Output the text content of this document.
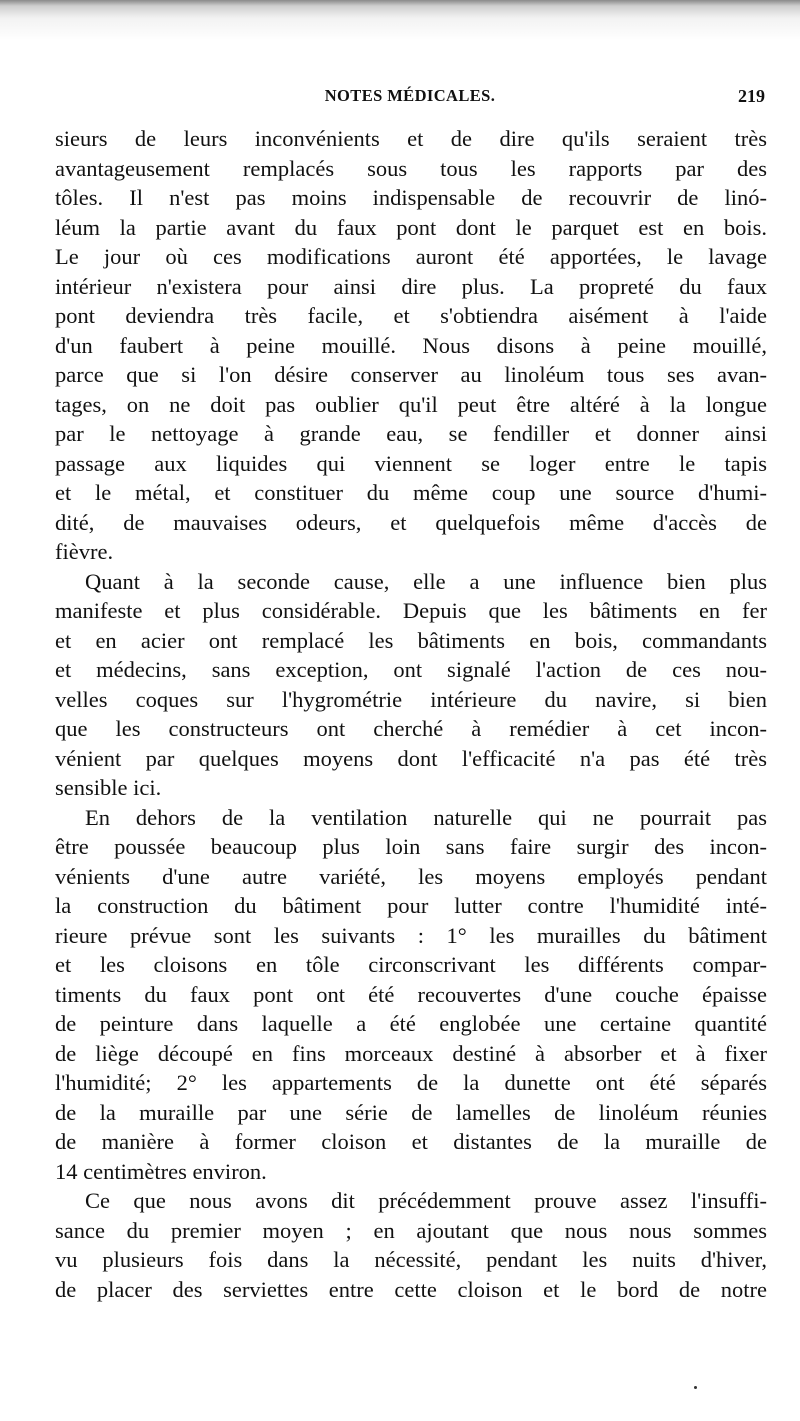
NOTES MÉDICALES.	219
sieurs de leurs inconvénients et de dire qu'ils seraient très
avantageusement remplacés sous tous les rapports par des
tôles. Il n'est pas moins indispensable de recouvrir de linó-
léum la partie avant du faux pont dont le parquet est en bois.
Le jour où ces modifications auront été apportées, le lavage
intérieur n'existera pour ainsi dire plus. La propreté du faux
pont deviendra très facile, et s'obtiendra aisément à l'aide
d'un faubert à peine mouillé. Nous disons à peine mouillé,
parce que si l'on désire conserver au linoléum tous ses avan-
tages, on ne doit pas oublier qu'il peut être altéré à la longue
par le nettoyage à grande eau, se fendiller et donner ainsi
passage aux liquides qui viennent se loger entre le tapis
et le métal, et constituer du même coup une source d'humi-
dité, de mauvaises odeurs, et quelquefois même d'accès de
fièvre.
Quant à la seconde cause, elle a une influence bien plus
manifeste et plus considérable. Depuis que les bâtiments en fer
et en acier ont remplacé les bâtiments en bois, commandants
et médecins, sans exception, ont signalé l'action de ces nou-
velles coques sur l'hygrométrie intérieure du navire, si bien
que les constructeurs ont cherché à remédier à cet incon-
vénient par quelques moyens dont l'efficacité n'a pas été très
sensible ici.
En dehors de la ventilation naturelle qui ne pourrait pas
être poussée beaucoup plus loin sans faire surgir des incon-
vénients d'une autre variété, les moyens employés pendant
la construction du bâtiment pour lutter contre l'humidité inté-
rieure prévue sont les suivants : 1° les murailles du bâtiment
et les cloisons en tôle circonscrivant les différents compar-
timents du faux pont ont été recouvertes d'une couche épaisse
de peinture dans laquelle a été englobée une certaine quantité
de liège découpé en fins morceaux destiné à absorber et à fixer
l'humidité; 2° les appartements de la dunette ont été séparés
de la muraille par une série de lamelles de linoléum réunies
de manière à former cloison et distantes de la muraille de
14 centimètres environ.
Ce que nous avons dit précédemment prouve assez l'insuffi-
sance du premier moyen ; en ajoutant que nous nous sommes
vu plusieurs fois dans la nécessité, pendant les nuits d'hiver,
de placer des serviettes entre cette cloison et le bord de notre
